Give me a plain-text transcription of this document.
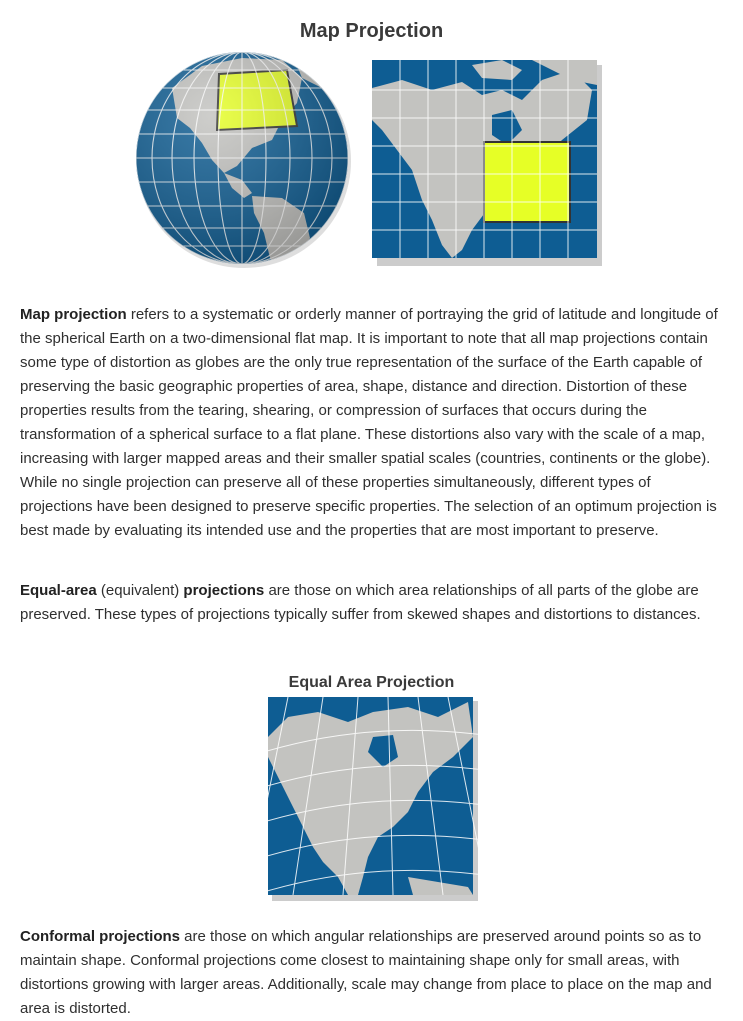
Map Projection

Map projection refers to a systematic or orderly manner of portraying the grid of latitude and longitude of the spherical Earth on a two-dimensional flat map. It is important to note that all map projections contain some type of distortion as globes are the only true representation of the surface of the Earth capable of preserving the basic geographic properties of area, shape, distance and direction. Distortion of these properties results from the tearing, shearing, or compression of surfaces that occurs during the transformation of a spherical surface to a flat plane. These distortions also vary with the scale of a map, increasing with larger mapped areas and their smaller spatial scales (countries, continents or the globe). While no single projection can preserve all of these properties simultaneously, different types of projections have been designed to preserve specific properties. The selection of an optimum projection is best made by evaluating its intended use and the properties that are most important to preserve.

Equal-area (equivalent) projections are those on which area relationships of all parts of the globe are preserved. These types of projections typically suffer from skewed shapes and distortions to distances.

Equal Area Projection

Conformal projections are those on which angular relationships are preserved around points so as to maintain shape. Conformal projections come closest to maintaining shape only for small areas, with distortions growing with larger areas. Additionally, scale may change from place to place on the map and area is distorted.
